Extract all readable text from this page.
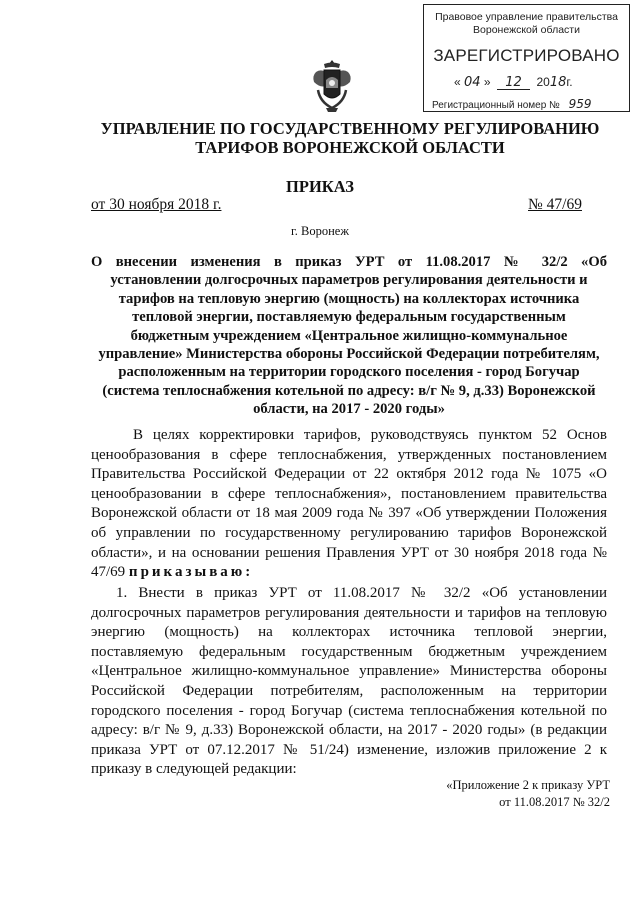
Правовое управление правительства
Воронежской области
ЗАРЕГИСТРИРОВАНО
« 04 »  12 2018г.
Регистрационный номер № 959
УПРАВЛЕНИЕ ПО ГОСУДАРСТВЕННОМУ РЕГУЛИРОВАНИЮ
ТАРИФОВ ВОРОНЕЖСКОЙ ОБЛАСТИ
ПРИКАЗ
от 30 ноября 2018 г.	№ 47/69
г. Воронеж
О внесении изменения в приказ УРТ от 11.08.2017 № 32/2 «Об
установлении долгосрочных параметров регулирования деятельности и тарифов на тепловую энергию (мощность) на коллекторах источника тепловой энергии, поставляемую федеральным государственным бюджетным учреждением «Центральное жилищно-коммунальное управление» Министерства обороны Российской Федерации потребителям, расположенным на территории городского поселения - город Богучар (система теплоснабжения котельной по адресу: в/г № 9, д.33) Воронежской области, на 2017 - 2020 годы»
В целях корректировки тарифов, руководствуясь пунктом 52 Основ ценообразования в сфере теплоснабжения, утвержденных постановлением Правительства Российской Федерации от 22 октября 2012 года № 1075 «О ценообразовании в сфере теплоснабжения», постановлением правительства Воронежской области от 18 мая 2009 года № 397 «Об утверждении Положения об управлении по государственному регулированию тарифов Воронежской области», и на основании решения Правления УРТ от 30 ноября 2018 года № 47/69 приказываю:
1. Внести в приказ УРТ от 11.08.2017 № 32/2 «Об установлении долгосрочных параметров регулирования деятельности и тарифов на тепловую энергию (мощность) на коллекторах источника тепловой энергии, поставляемую федеральным государственным бюджетным учреждением «Центральное жилищно-коммунальное управление» Министерства обороны Российской Федерации потребителям, расположенным на территории городского поселения - город Богучар (система теплоснабжения котельной по адресу: в/г № 9, д.33) Воронежской области, на 2017 - 2020 годы» (в редакции приказа УРТ от 07.12.2017 № 51/24) изменение, изложив приложение 2 к приказу в следующей редакции:
«Приложение 2 к приказу УРТ
от 11.08.2017 № 32/2
